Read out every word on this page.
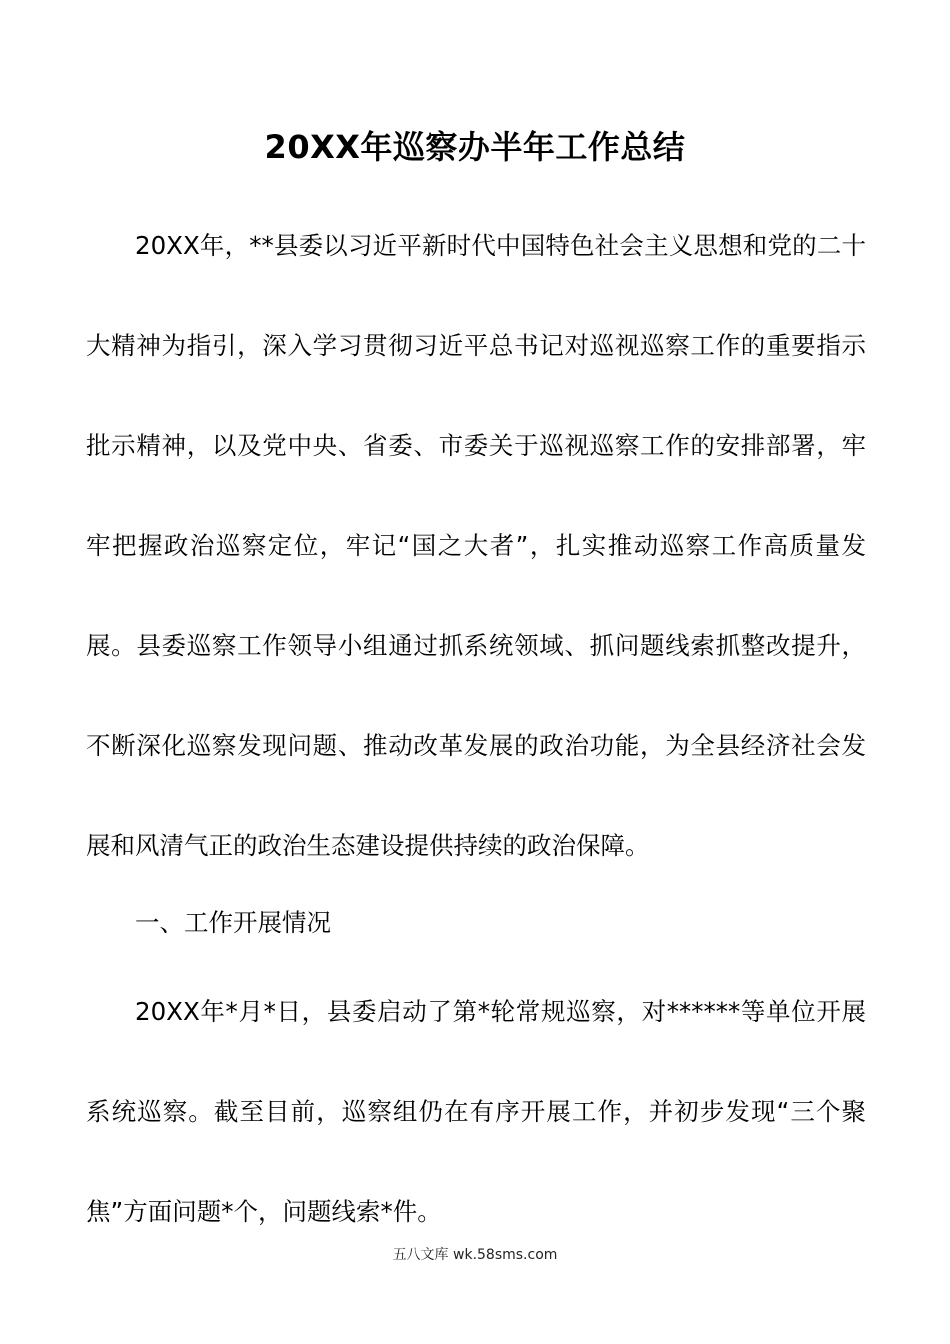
20XX年巡察办半年工作总结
20XX年，**县委以习近平新时代中国特色社会主义思想和党的二十大精神为指引，深入学习贯彻习近平总书记对巡视巡察工作的重要指示批示精神，以及党中央、省委、市委关于巡视巡察工作的安排部署，牢牢把握政治巡察定位，牢记“国之大者”，扎实推动巡察工作高质量发展。县委巡察工作领导小组通过抓系统领域、抓问题线索抓整改提升，不断深化巡察发现问题、推动改革发展的政治功能，为全县经济社会发展和风清气正的政治生态建设提供持续的政治保障。
一、工作开展情况
20XX年*月*日，县委启动了第*轮常规巡察，对******等单位开展系统巡察。截至目前，巡察组仍在有序开展工作，并初步发现“三个聚焦”方面问题*个，问题线索*件。
五八文库 wk.58sms.com
